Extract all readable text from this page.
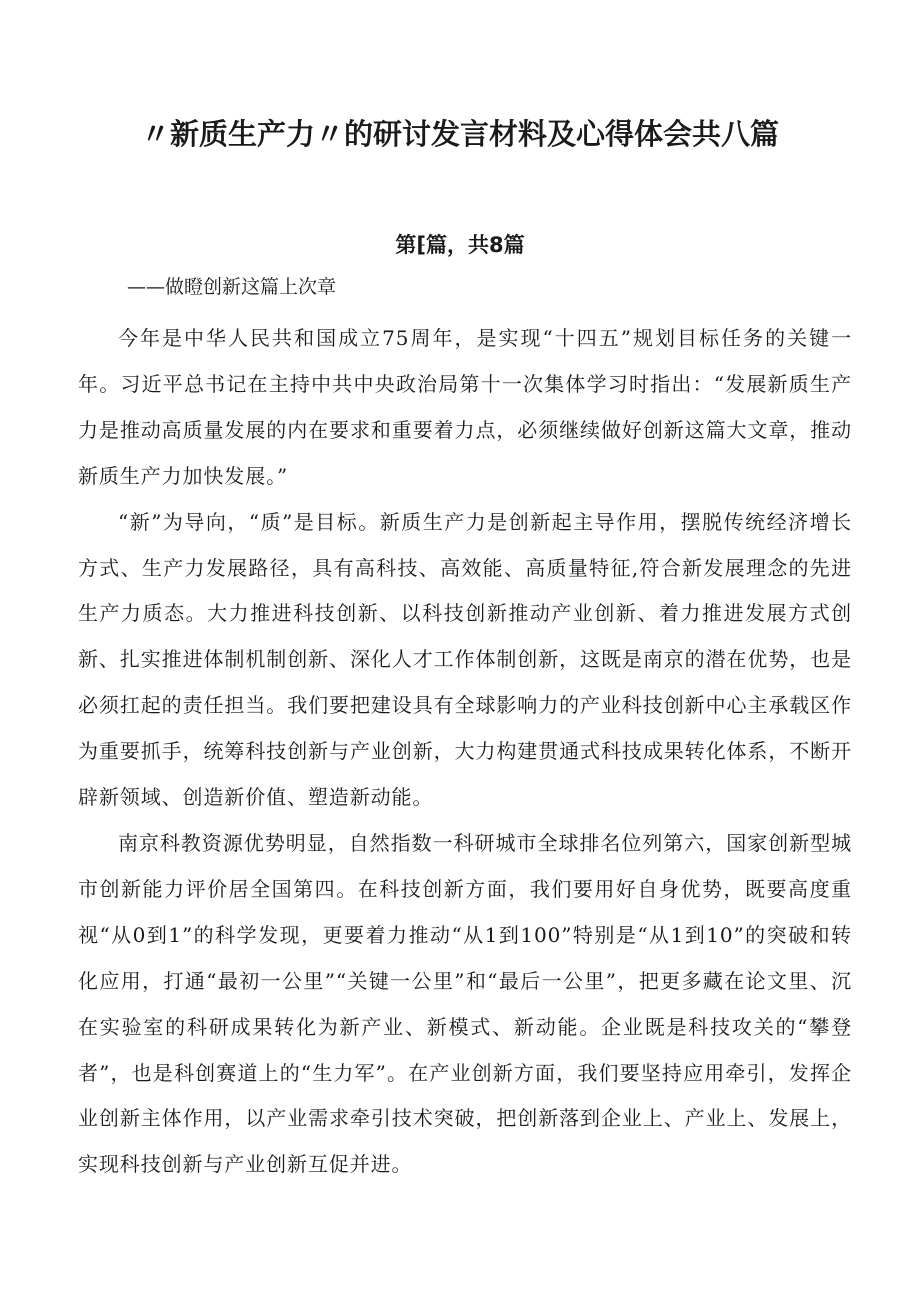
〃新质生产力〃的研讨发言材料及心得体会共八篇
第⁅篇，共8篇
——做瞪创新这篇上次章

今年是中华人民共和国成立75周年，是实现“十四五”规划目标任务的关键一年。习近平总书记在主持中共中央政治局第十一次集体学习时指出：“发展新质生产力是推动高质量发展的内在要求和重要着力点，必须继续做好创新这篇大文章，推动新质生产力加快发展。”

“新”为导向，“质”是目标。新质生产力是创新起主导作用，摆脱传统经济增长方式、生产力发展路径，具有高科技、高效能、高质量特征,符合新发展理念的先进生产力质态。大力推进科技创新、以科技创新推动产业创新、着力推进发展方式创新、扎实推进体制机制创新、深化人才工作体制创新，这既是南京的潜在优势，也是必须扛起的责任担当。我们要把建设具有全球影响力的产业科技创新中心主承载区作为重要抓手，统筹科技创新与产业创新，大力构建贯通式科技成果转化体系，不断开辟新领域、创造新价值、塑造新动能。

南京科教资源优势明显，自然指数一科研城市全球排名位列第六，国家创新型城市创新能力评价居全国第四。在科技创新方面，我们要用好自身优势，既要高度重视“从0到1”的科学发现，更要着力推动“从1到100”特别是“从1到10”的突破和转化应用，打通“最初一公里”“关键一公里”和“最后一公里”，把更多藏在论文里、沉在实验室的科研成果转化为新产业、新模式、新动能。企业既是科技攻关的“攀登者”，也是科创赛道上的“生力军”。在产业创新方面，我们要坚持应用牵引，发挥企业创新主体作用，以产业需求牵引技术突破，把创新落到企业上、产业上、发展上，实现科技创新与产业创新互促并进。
